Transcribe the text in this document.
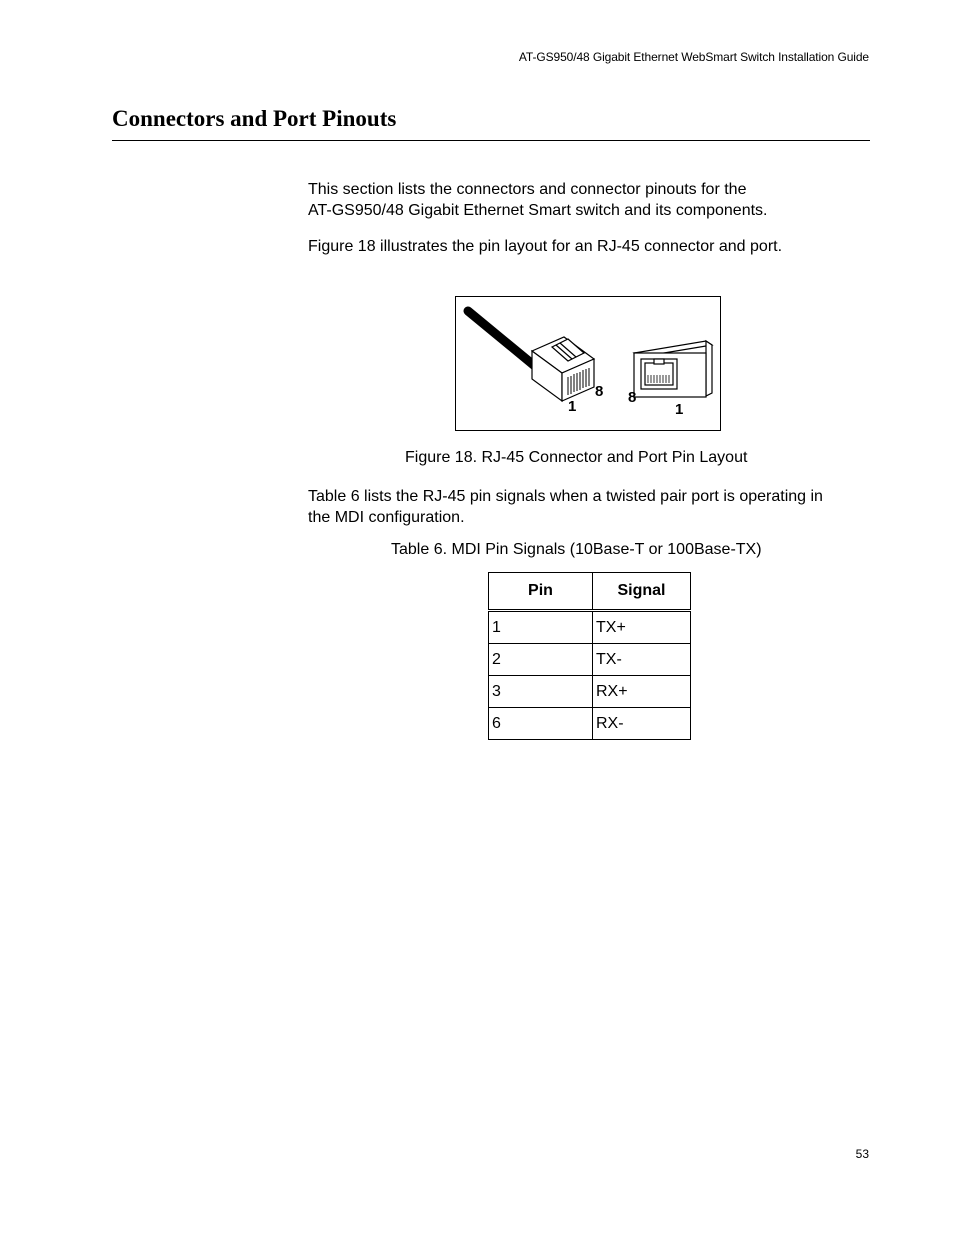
AT-GS950/48 Gigabit Ethernet WebSmart Switch Installation Guide
Connectors and Port Pinouts

This section lists the connectors and connector pinouts for the
AT-GS950/48 Gigabit Ethernet Smart switch and its components.

Figure 18 illustrates the pin layout for an RJ-45 connector and port.

1
8 8
1

Figure 18. RJ-45 Connector and Port Pin Layout

Table 6 lists the RJ-45 pin signals when a twisted pair port is operating in
the MDI configuration.

Table 6. MDI Pin Signals (10Base-T or 100Base-TX)

Pin	Signal
1	TX+
2	TX-
3	RX+
6	RX-
53
